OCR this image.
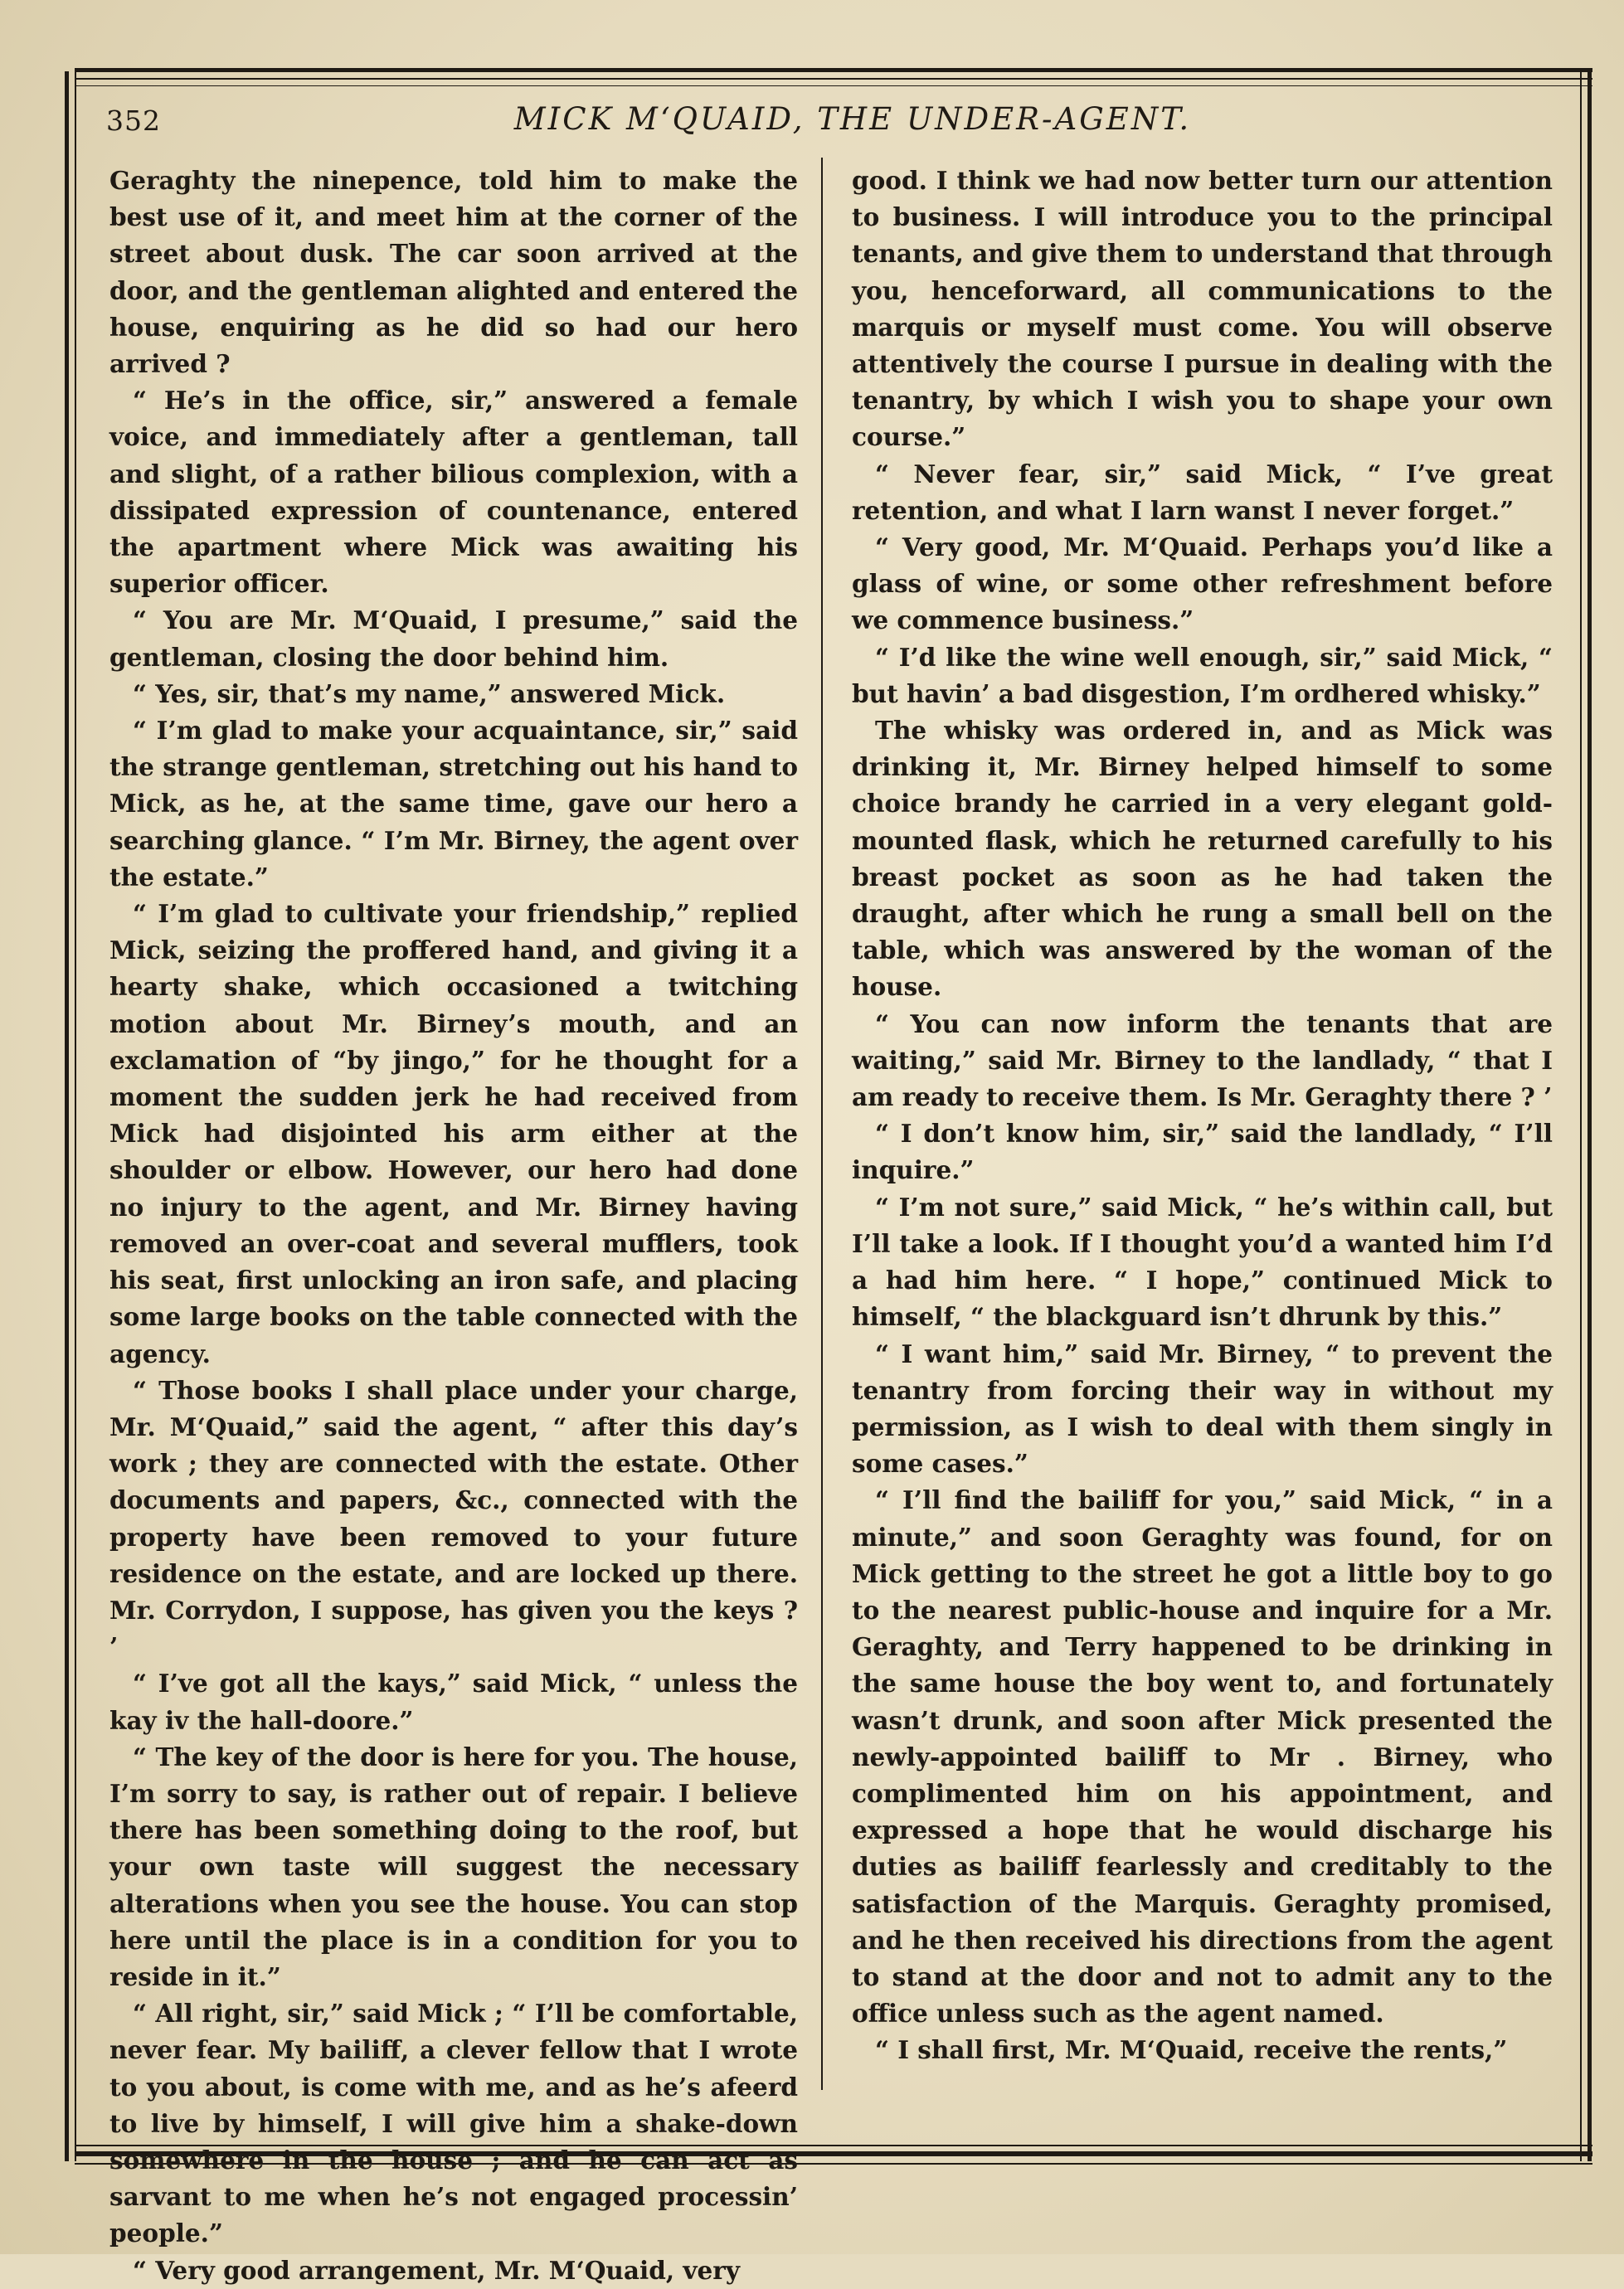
352	MICK M‘QUAID, THE UNDER-AGENT.

Geraghty the ninepence, told him to make the best use of it, and meet him at the corner of the street about dusk. The car soon arrived at the door, and the gentleman alighted and entered the house, enquiring as he did so had our hero arrived ?

“ He’s in the office, sir,” answered a female voice, and immediately after a gentleman, tall and slight, of a rather bilious complexion, with a dissipated expression of countenance, entered the apartment where Mick was awaiting his superior officer.

“ You are Mr. M‘Quaid, I presume,” said the gentleman, closing the door behind him.

“ Yes, sir, that’s my name,” answered Mick.

“ I’m glad to make your acquaintance, sir,” said the strange gentleman, stretching out his hand to Mick, as he, at the same time, gave our hero a searching glance. “ I’m Mr. Birney, the agent over the estate.”

“ I’m glad to cultivate your friendship,” replied Mick, seizing the proffered hand, and giving it a hearty shake, which occasioned a twitching motion about Mr. Birney’s mouth, and an exclamation of “by jingo,” for he thought for a moment the sudden jerk he had received from Mick had disjointed his arm either at the shoulder or elbow. However, our hero had done no injury to the agent, and Mr. Birney having removed an over-coat and several mufflers, took his seat, first unlocking an iron safe, and placing some large books on the table connected with the agency.

“ Those books I shall place under your charge, Mr. M‘Quaid,” said the agent, “ after this day’s work ; they are connected with the estate. Other documents and papers, &c., connected with the property have been removed to your future residence on the estate, and are locked up there. Mr. Corrydon, I suppose, has given you the keys ? ’

“ I’ve got all the kays,” said Mick, “ unless the kay iv the hall-doore.”

“ The key of the door is here for you. The house, I’m sorry to say, is rather out of repair. I believe there has been something doing to the roof, but your own taste will suggest the necessary alterations when you see the house. You can stop here until the place is in a condition for you to reside in it.”

“ All right, sir,” said Mick ; “ I’ll be comfortable, never fear. My bailiff, a clever fellow that I wrote to you about, is come with me, and as he’s afeerd to live by himself, I will give him a shake-down somewhere in the house ; and he can act as sarvant to me when he’s not engaged processin’ people.”

“ Very good arrangement, Mr. M‘Quaid, very

good. I think we had now better turn our attention to business. I will introduce you to the principal tenants, and give them to understand that through you, henceforward, all communications to the marquis or myself must come. You will observe attentively the course I pursue in dealing with the tenantry, by which I wish you to shape your own course.”

“ Never fear, sir,” said Mick, “ I’ve great retention, and what I larn wanst I never forget.”

“ Very good, Mr. M‘Quaid. Perhaps you’d like a glass of wine, or some other refreshment before we commence business.”

“ I’d like the wine well enough, sir,” said Mick, “ but havin’ a bad disgestion, I’m ordhered whisky.”

The whisky was ordered in, and as Mick was drinking it, Mr. Birney helped himself to some choice brandy he carried in a very elegant gold-mounted flask, which he returned carefully to his breast pocket as soon as he had taken the draught, after which he rung a small bell on the table, which was answered by the woman of the house.

“ You can now inform the tenants that are waiting,” said Mr. Birney to the landlady, “ that I am ready to receive them. Is Mr. Geraghty there ? ’

“ I don’t know him, sir,” said the landlady, “ I’ll inquire.”

“ I’m not sure,” said Mick, “ he’s within call, but I’ll take a look. If I thought you’d a wanted him I’d a had him here. “ I hope,” continued Mick to himself, “ the blackguard isn’t dhrunk by this.”

“ I want him,” said Mr. Birney, “ to prevent the tenantry from forcing their way in without my permission, as I wish to deal with them singly in some cases.”

“ I’ll find the bailiff for you,” said Mick, “ in a minute,” and soon Geraghty was found, for on Mick getting to the street he got a little boy to go to the nearest public-house and inquire for a Mr. Geraghty, and Terry happened to be drinking in the same house the boy went to, and fortunately wasn’t drunk, and soon after Mick presented the newly-appointed bailiff to Mr . Birney, who complimented him on his appointment, and expressed a hope that he would discharge his duties as bailiff fearlessly and creditably to the satisfaction of the Marquis. Geraghty promised, and he then received his directions from the agent to stand at the door and not to admit any to the office unless such as the agent named.

“ I shall first, Mr. M‘Quaid, receive the rents,”
